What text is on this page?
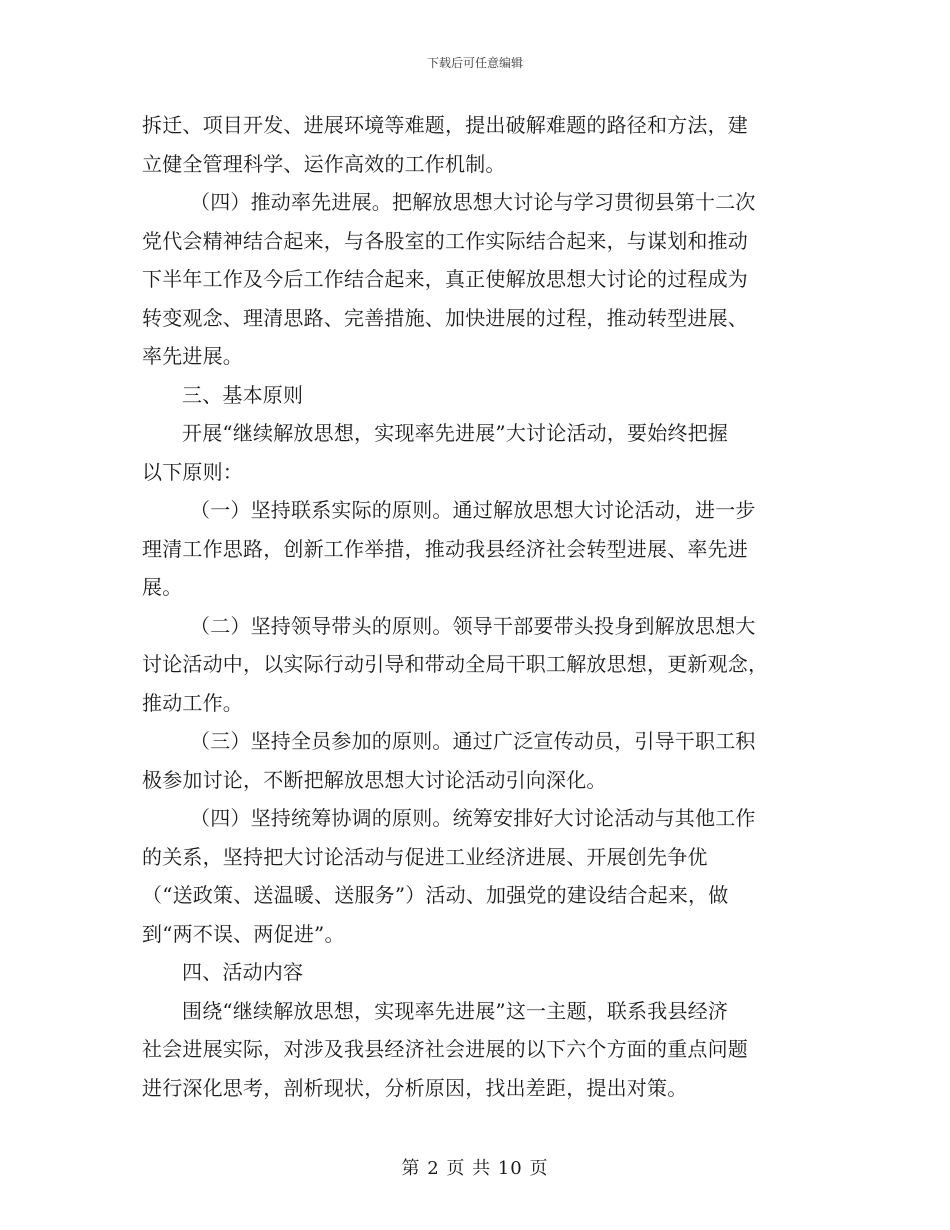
下载后可任意编辑
拆迁、项目开发、进展环境等难题，提出破解难题的路径和方法，建
立健全管理科学、运作高效的工作机制。
（四）推动率先进展。把解放思想大讨论与学习贯彻县第十二次
党代会精神结合起来，与各股室的工作实际结合起来，与谋划和推动
下半年工作及今后工作结合起来，真正使解放思想大讨论的过程成为
转变观念、理清思路、完善措施、加快进展的过程，推动转型进展、
率先进展。
三、基本原则
开展“继续解放思想，实现率先进展”大讨论活动，要始终把握
以下原则：
（一）坚持联系实际的原则。通过解放思想大讨论活动，进一步
理清工作思路，创新工作举措，推动我县经济社会转型进展、率先进
展。
（二）坚持领导带头的原则。领导干部要带头投身到解放思想大
讨论活动中，以实际行动引导和带动全局干职工解放思想，更新观念，
推动工作。
（三）坚持全员参加的原则。通过广泛宣传动员，引导干职工积
极参加讨论，不断把解放思想大讨论活动引向深化。
（四）坚持统筹协调的原则。统筹安排好大讨论活动与其他工作
的关系，坚持把大讨论活动与促进工业经济进展、开展创先争优
（“送政策、送温暖、送服务”）活动、加强党的建设结合起来，做
到“两不误、两促进”。
四、活动内容
围绕“继续解放思想，实现率先进展”这一主题，联系我县经济
社会进展实际，对涉及我县经济社会进展的以下六个方面的重点问题
进行深化思考，剖析现状，分析原因，找出差距，提出对策。
第 2 页 共 10 页
